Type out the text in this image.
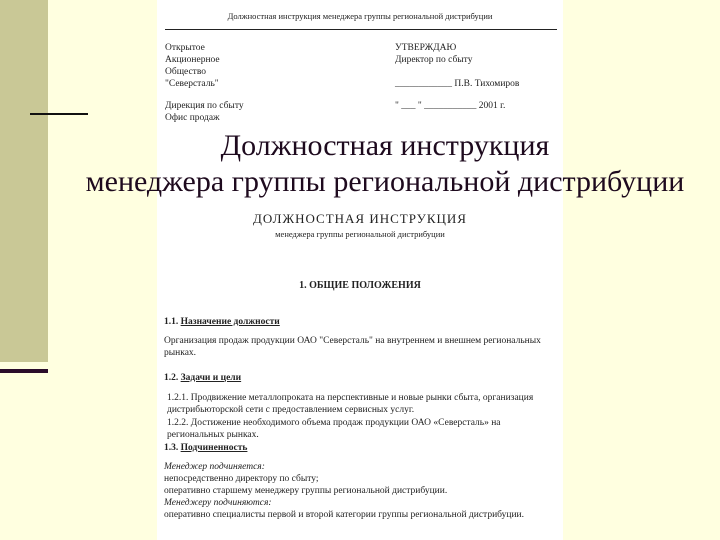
Должностная инструкция менеджера группы региональной дистрибуции
Открытое
Акционерное
Общество
"Северсталь"
Дирекция по сбыту
Офис продаж
УТВЕРЖДАЮ
Директор по сбыту
____________ П.В. Тихомиров
" ___ " ___________ 2001 г.
ДОЛЖНОСТНАЯ ИНСТРУКЦИЯ
менеджера группы региональной дистрибуции
1. ОБЩИЕ ПОЛОЖЕНИЯ
1.1. Назначение должности
Организация продаж продукции ОАО "Северсталь" на внутреннем и внешнем региональных рынках.
1.2. Задачи и цели
1.2.1. Продвижение металлопроката на перспективные и новые рынки сбыта, организация дистрибьюторской сети с предоставлением сервисных услуг.
1.2.2. Достижение необходимого объема продаж продукции ОАО «Северсталь» на региональных рынках.
1.3. Подчиненность
Менеджер подчиняется:
непосредственно директору по сбыту;
оперативно старшему менеджеру группы региональной дистрибуции.
Менеджеру подчиняются:
оперативно специалисты первой и второй категории группы региональной дистрибуции.
Должностная инструкция
менеджера группы региональной дистрибуции
